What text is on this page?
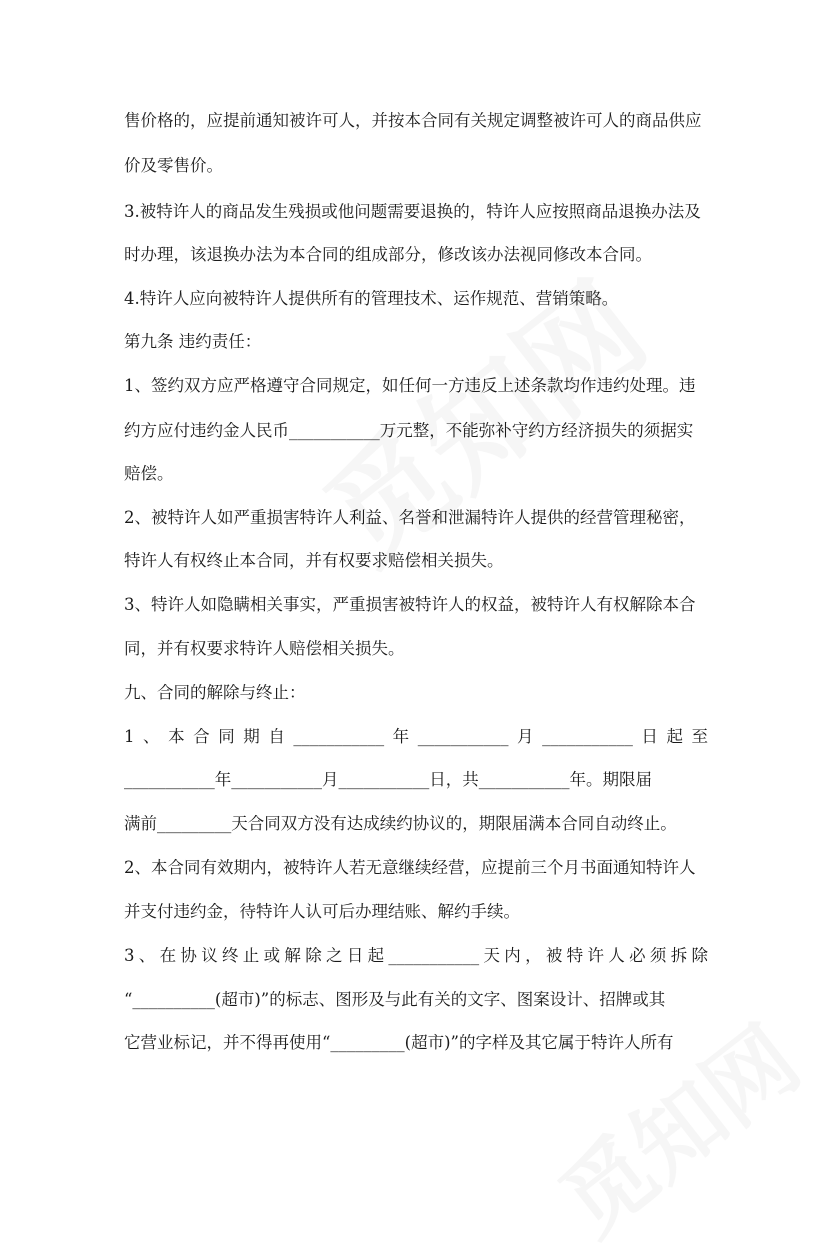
售价格的，应提前通知被许可人，并按本合同有关规定调整被许可人的商品供应
价及零售价。
3.被特许人的商品发生残损或他问题需要退换的，特许人应按照商品退换办法及
时办理，该退换办法为本合同的组成部分，修改该办法视同修改本合同。
4.特许人应向被特许人提供所有的管理技术、运作规范、营销策略。
第九条 违约责任：
1、签约双方应严格遵守合同规定，如任何一方违反上述条款均作违约处理。违
约方应付违约金人民币___________万元整，不能弥补守约方经济损失的须据实
赔偿。
2、被特许人如严重损害特许人利益、名誉和泄漏特许人提供的经营管理秘密，
特许人有权终止本合同，并有权要求赔偿相关损失。
3、特许人如隐瞒相关事实，严重损害被特许人的权益，被特许人有权解除本合
同，并有权要求特许人赔偿相关损失。
九、合同的解除与终止：
1、本合同期自___________年___________月___________日起至
___________年___________月___________日，共___________年。期限届
满前_________天合同双方没有达成续约协议的，期限届满本合同自动终止。
2、本合同有效期内，被特许人若无意继续经营，应提前三个月书面通知特许人
并支付违约金，待特许人认可后办理结账、解约手续。
3、在协议终止或解除之日起___________天内，被特许人必须拆除
“__________(超市)”的标志、图形及与此有关的文字、图案设计、招牌或其
它营业标记，并不得再使用“_________(超市)”的字样及其它属于特许人所有
